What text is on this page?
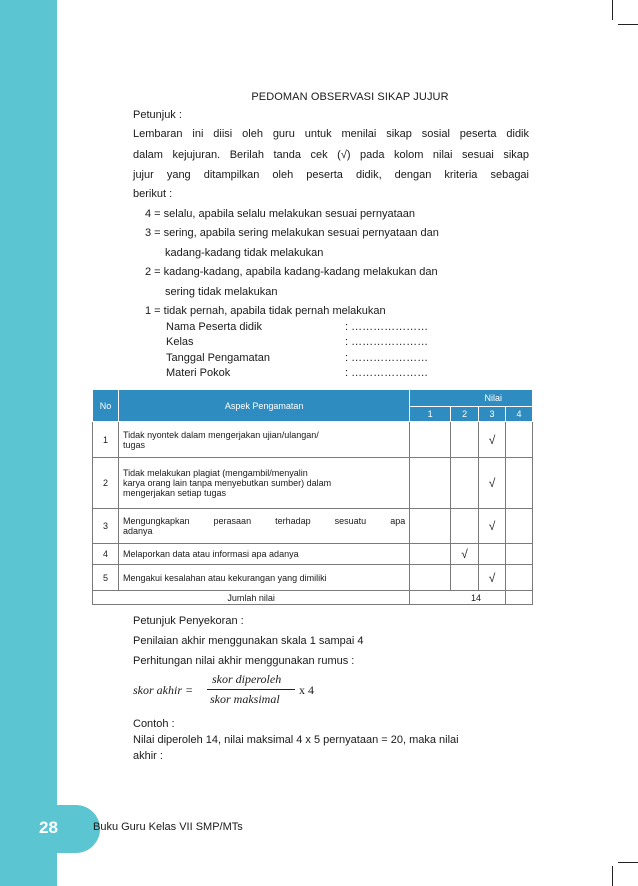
PEDOMAN OBSERVASI SIKAP JUJUR
Petunjuk :
Lembaran ini diisi oleh guru untuk menilai sikap sosial peserta didik
dalam kejujuran. Berilah tanda cek (√) pada kolom nilai sesuai sikap
jujur yang ditampilkan oleh peserta didik, dengan kriteria sebagai
berikut :
4 = selalu, apabila selalu melakukan sesuai pernyataan
3 = sering, apabila sering melakukan sesuai pernyataan dan
kadang-kadang tidak melakukan
2 = kadang-kadang, apabila kadang-kadang melakukan dan
sering tidak melakukan
1 = tidak pernah, apabila tidak pernah melakukan
Nama Peserta didik	: …………………
Kelas	: …………………
Tanggal Pengamatan	: …………………
Materi Pokok	: …………………
No	Aspek Pengamatan	Nilai			
		1	2	3	4
1	Tidak nyontek dalam mengerjakan ujian/ulangan/
tugas			√	
2	Tidak melakukan plagiat (mengambil/menyalin
karya orang lain tanpa menyebutkan sumber) dalam
mengerjakan setiap tugas			√	
3	Mengungkapkan perasaan terhadap sesuatu apa
adanya			√	
4	Melaporkan data atau informasi apa adanya		√		
5	Mengakui kesalahan atau kekurangan yang dimiliki			√	
Jumlah nilai		14			
Petunjuk Penyekoran :
Penilaian akhir menggunakan skala 1 sampai 4
Perhitungan nilai akhir menggunakan rumus :
skor akhir =
skor diperoleh
skor maksimal
x 4
Contoh :
Nilai diperoleh 14, nilai maksimal 4 x 5 pernyataan = 20, maka nilai
akhir :
28	Buku Guru Kelas VII SMP/MTs
